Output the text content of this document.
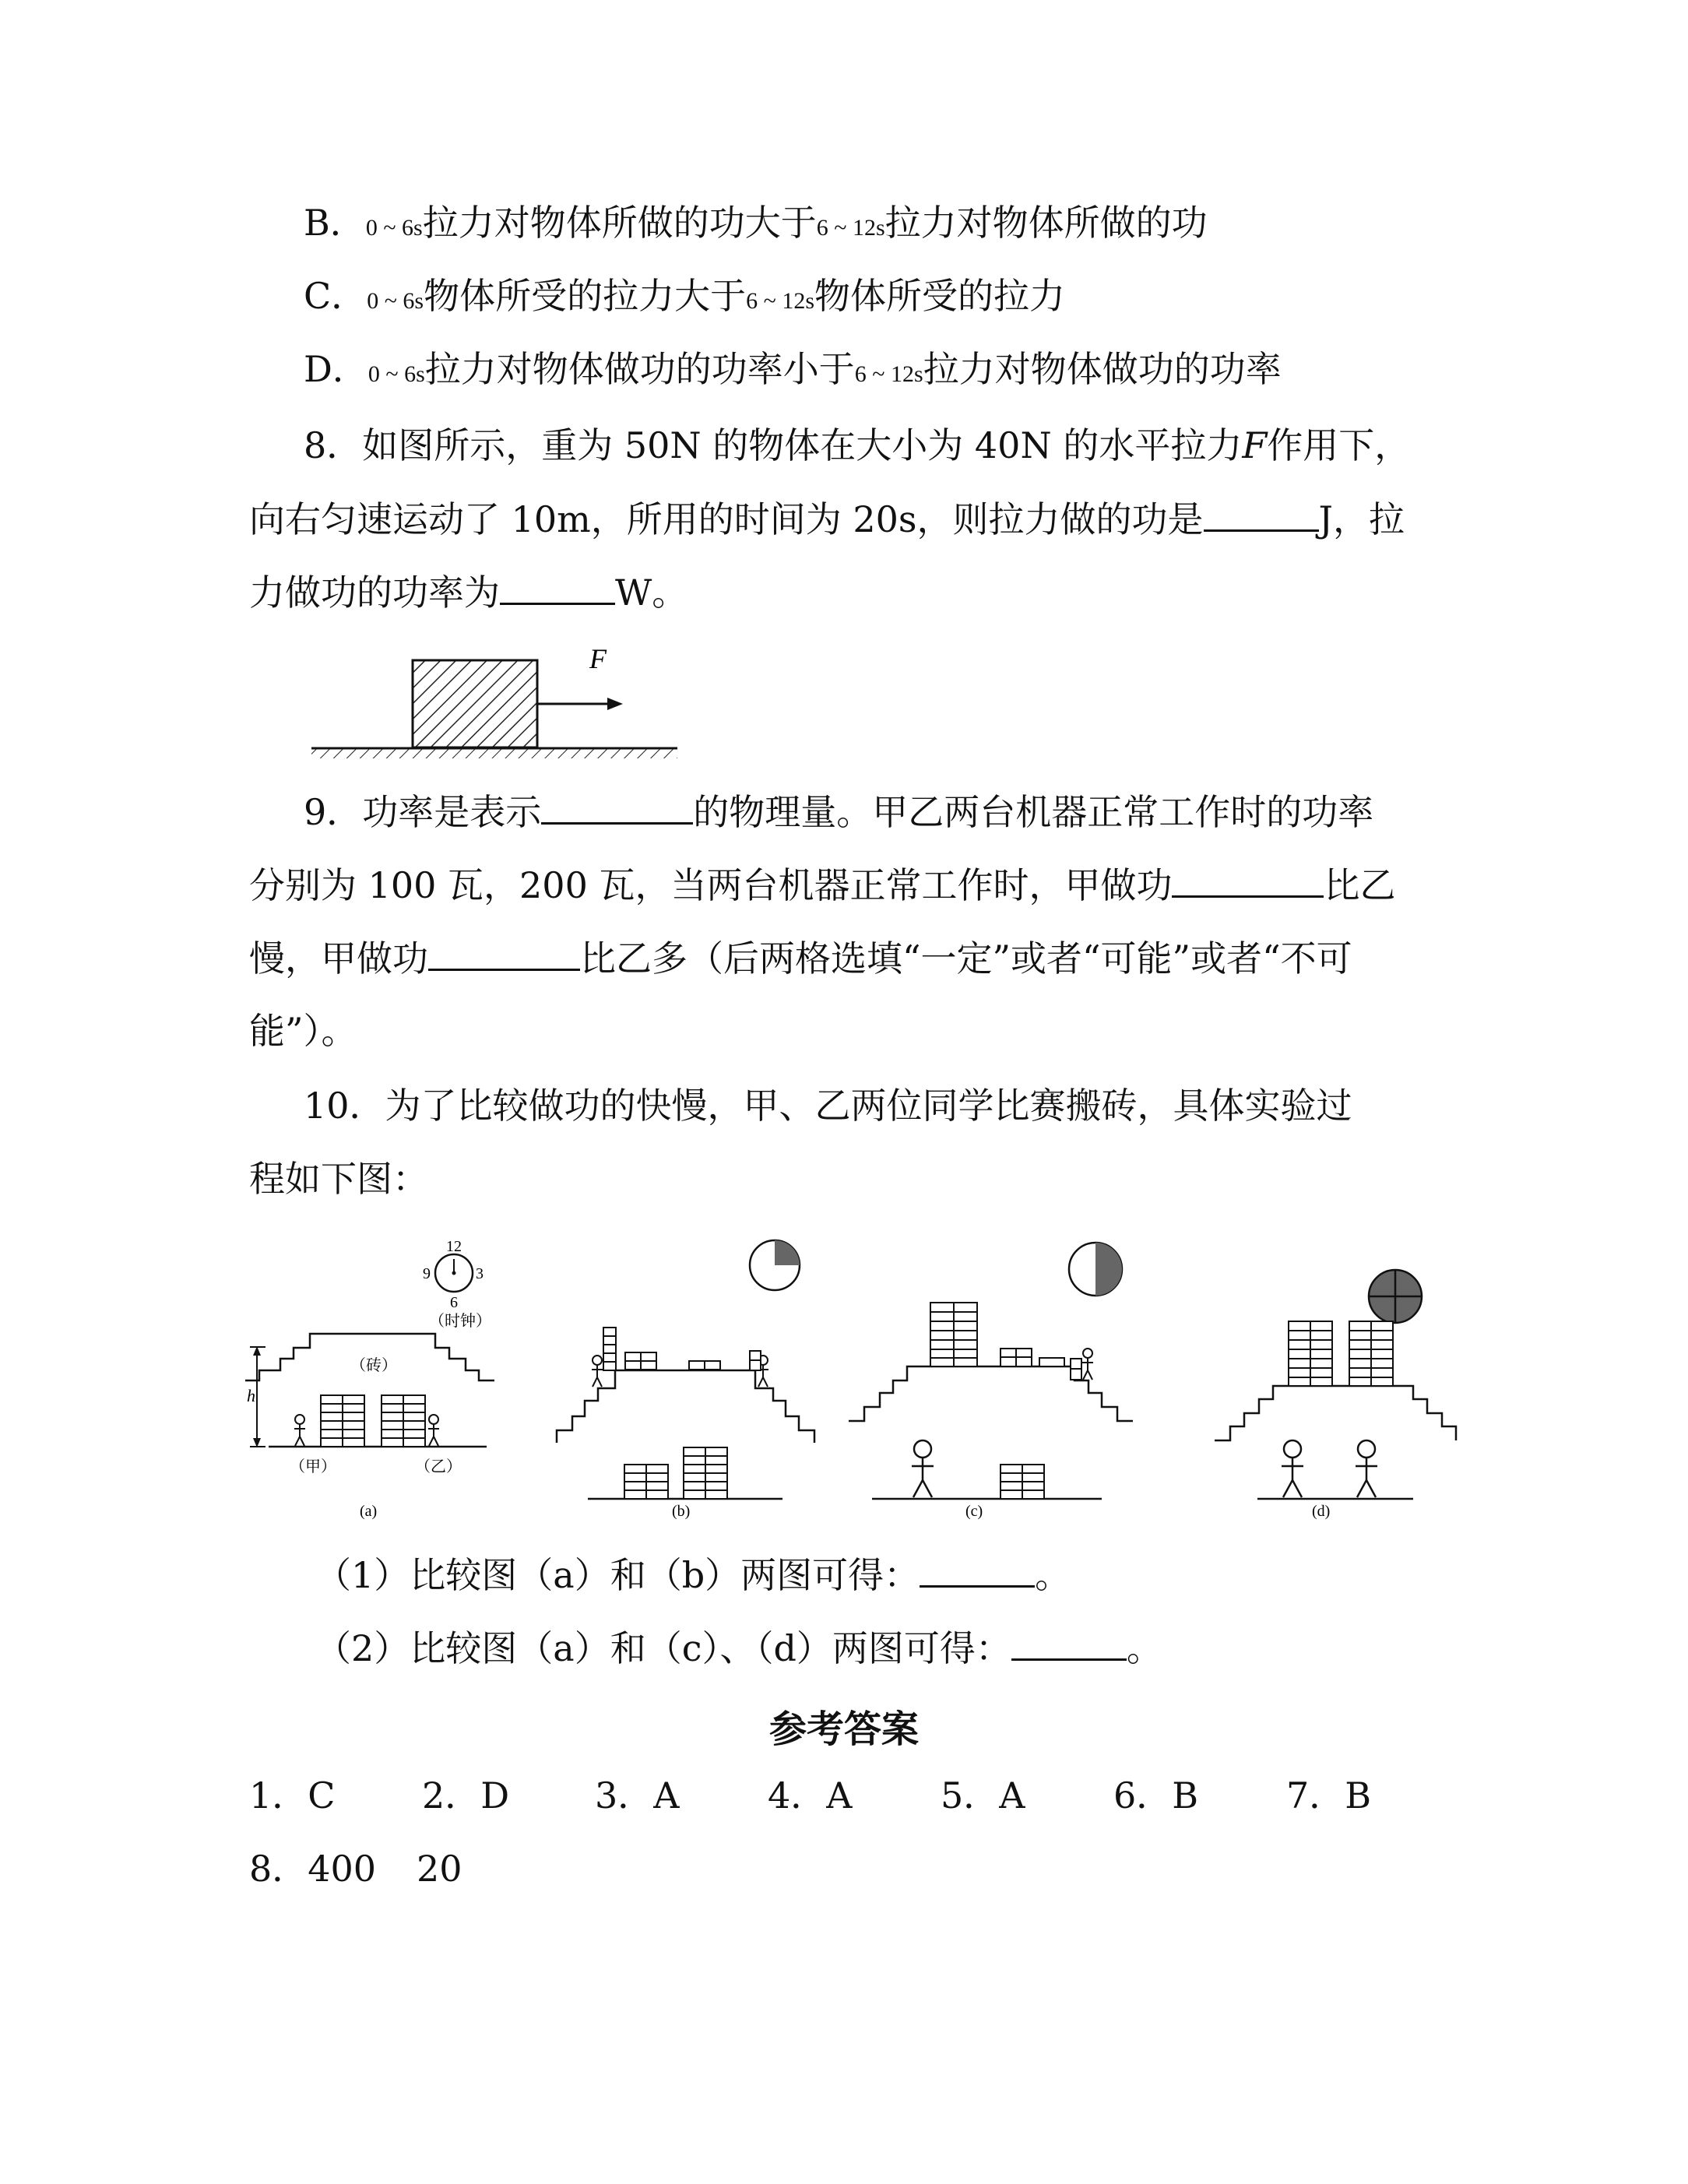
B．0 ~ 6s拉力对物体所做的功大于6 ~ 12s拉力对物体所做的功
C．0 ~ 6s物体所受的拉力大于6 ~ 12s物体所受的拉力
D．0 ~ 6s拉力对物体做功的功率小于6 ~ 12s拉力对物体做功的功率
8．如图所示，重为 50N 的物体在大小为 40N 的水平拉力F作用下，
向右匀速运动了 10m，所用的时间为 20s，则拉力做的功是	J，拉
力做功的功率为	W。
F
9．功率是表示	的物理量。甲乙两台机器正常工作时的功率
分别为 100 瓦，200 瓦，当两台机器正常工作时，甲做功	比乙
慢，甲做功	比乙多（后两格选填“一定”或者“可能”或者“不可
能”）。
10．为了比较做功的快慢，甲、乙两位同学比赛搬砖，具体实验过
程如下图：
12
3
9
6
（时钟）
（砖）
h
（甲）	（乙）
(a)	(b)	(c)	(d)
（1）比较图（a）和（b）两图可得：	。
（2）比较图（a）和（c）、（d）两图可得：	。
参考答案
1．C 2．D 3．A 4．A 5．A 6．B 7．B
8．400 20
